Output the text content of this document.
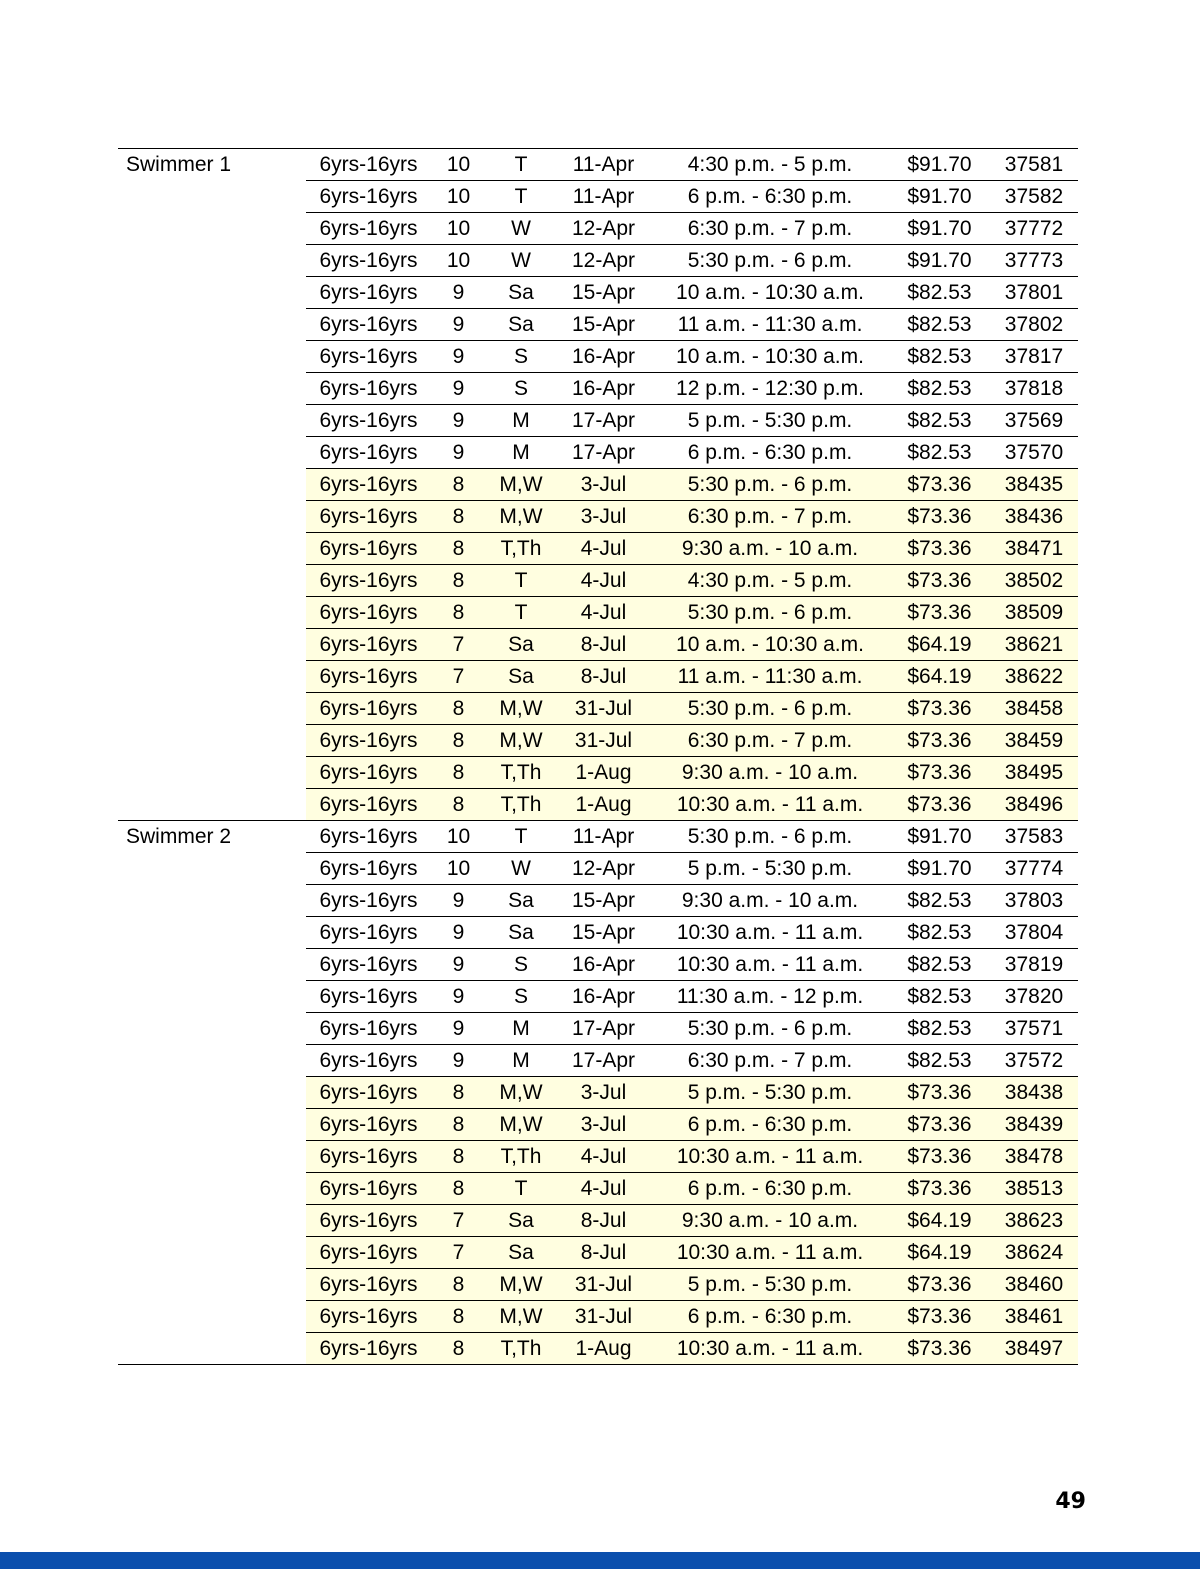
Swimmer 1	6yrs-16yrs	10	T	11-Apr	4:30 p.m. - 5 p.m.	$91.70	37581
6yrs-16yrs	10	T	11-Apr	6 p.m. - 6:30 p.m.	$91.70	37582
6yrs-16yrs	10	W	12-Apr	6:30 p.m. - 7 p.m.	$91.70	37772
6yrs-16yrs	10	W	12-Apr	5:30 p.m. - 6 p.m.	$91.70	37773
6yrs-16yrs	9	Sa	15-Apr	10 a.m. - 10:30 a.m.	$82.53	37801
6yrs-16yrs	9	Sa	15-Apr	11 a.m. - 11:30 a.m.	$82.53	37802
6yrs-16yrs	9	S	16-Apr	10 a.m. - 10:30 a.m.	$82.53	37817
6yrs-16yrs	9	S	16-Apr	12 p.m. - 12:30 p.m.	$82.53	37818
6yrs-16yrs	9	M	17-Apr	5 p.m. - 5:30 p.m.	$82.53	37569
6yrs-16yrs	9	M	17-Apr	6 p.m. - 6:30 p.m.	$82.53	37570
6yrs-16yrs	8	M,W	3-Jul	5:30 p.m. - 6 p.m.	$73.36	38435
6yrs-16yrs	8	M,W	3-Jul	6:30 p.m. - 7 p.m.	$73.36	38436
6yrs-16yrs	8	T,Th	4-Jul	9:30 a.m. - 10 a.m.	$73.36	38471
6yrs-16yrs	8	T	4-Jul	4:30 p.m. - 5 p.m.	$73.36	38502
6yrs-16yrs	8	T	4-Jul	5:30 p.m. - 6 p.m.	$73.36	38509
6yrs-16yrs	7	Sa	8-Jul	10 a.m. - 10:30 a.m.	$64.19	38621
6yrs-16yrs	7	Sa	8-Jul	11 a.m. - 11:30 a.m.	$64.19	38622
6yrs-16yrs	8	M,W	31-Jul	5:30 p.m. - 6 p.m.	$73.36	38458
6yrs-16yrs	8	M,W	31-Jul	6:30 p.m. - 7 p.m.	$73.36	38459
6yrs-16yrs	8	T,Th	1-Aug	9:30 a.m. - 10 a.m.	$73.36	38495
6yrs-16yrs	8	T,Th	1-Aug	10:30 a.m. - 11 a.m.	$73.36	38496
Swimmer 2	6yrs-16yrs	10	T	11-Apr	5:30 p.m. - 6 p.m.	$91.70	37583
6yrs-16yrs	10	W	12-Apr	5 p.m. - 5:30 p.m.	$91.70	37774
6yrs-16yrs	9	Sa	15-Apr	9:30 a.m. - 10 a.m.	$82.53	37803
6yrs-16yrs	9	Sa	15-Apr	10:30 a.m. - 11 a.m.	$82.53	37804
6yrs-16yrs	9	S	16-Apr	10:30 a.m. - 11 a.m.	$82.53	37819
6yrs-16yrs	9	S	16-Apr	11:30 a.m. - 12 p.m.	$82.53	37820
6yrs-16yrs	9	M	17-Apr	5:30 p.m. - 6 p.m.	$82.53	37571
6yrs-16yrs	9	M	17-Apr	6:30 p.m. - 7 p.m.	$82.53	37572
6yrs-16yrs	8	M,W	3-Jul	5 p.m. - 5:30 p.m.	$73.36	38438
6yrs-16yrs	8	M,W	3-Jul	6 p.m. - 6:30 p.m.	$73.36	38439
6yrs-16yrs	8	T,Th	4-Jul	10:30 a.m. - 11 a.m.	$73.36	38478
6yrs-16yrs	8	T	4-Jul	6 p.m. - 6:30 p.m.	$73.36	38513
6yrs-16yrs	7	Sa	8-Jul	9:30 a.m. - 10 a.m.	$64.19	38623
6yrs-16yrs	7	Sa	8-Jul	10:30 a.m. - 11 a.m.	$64.19	38624
6yrs-16yrs	8	M,W	31-Jul	5 p.m. - 5:30 p.m.	$73.36	38460
6yrs-16yrs	8	M,W	31-Jul	6 p.m. - 6:30 p.m.	$73.36	38461
6yrs-16yrs	8	T,Th	1-Aug	10:30 a.m. - 11 a.m.	$73.36	38497
49
